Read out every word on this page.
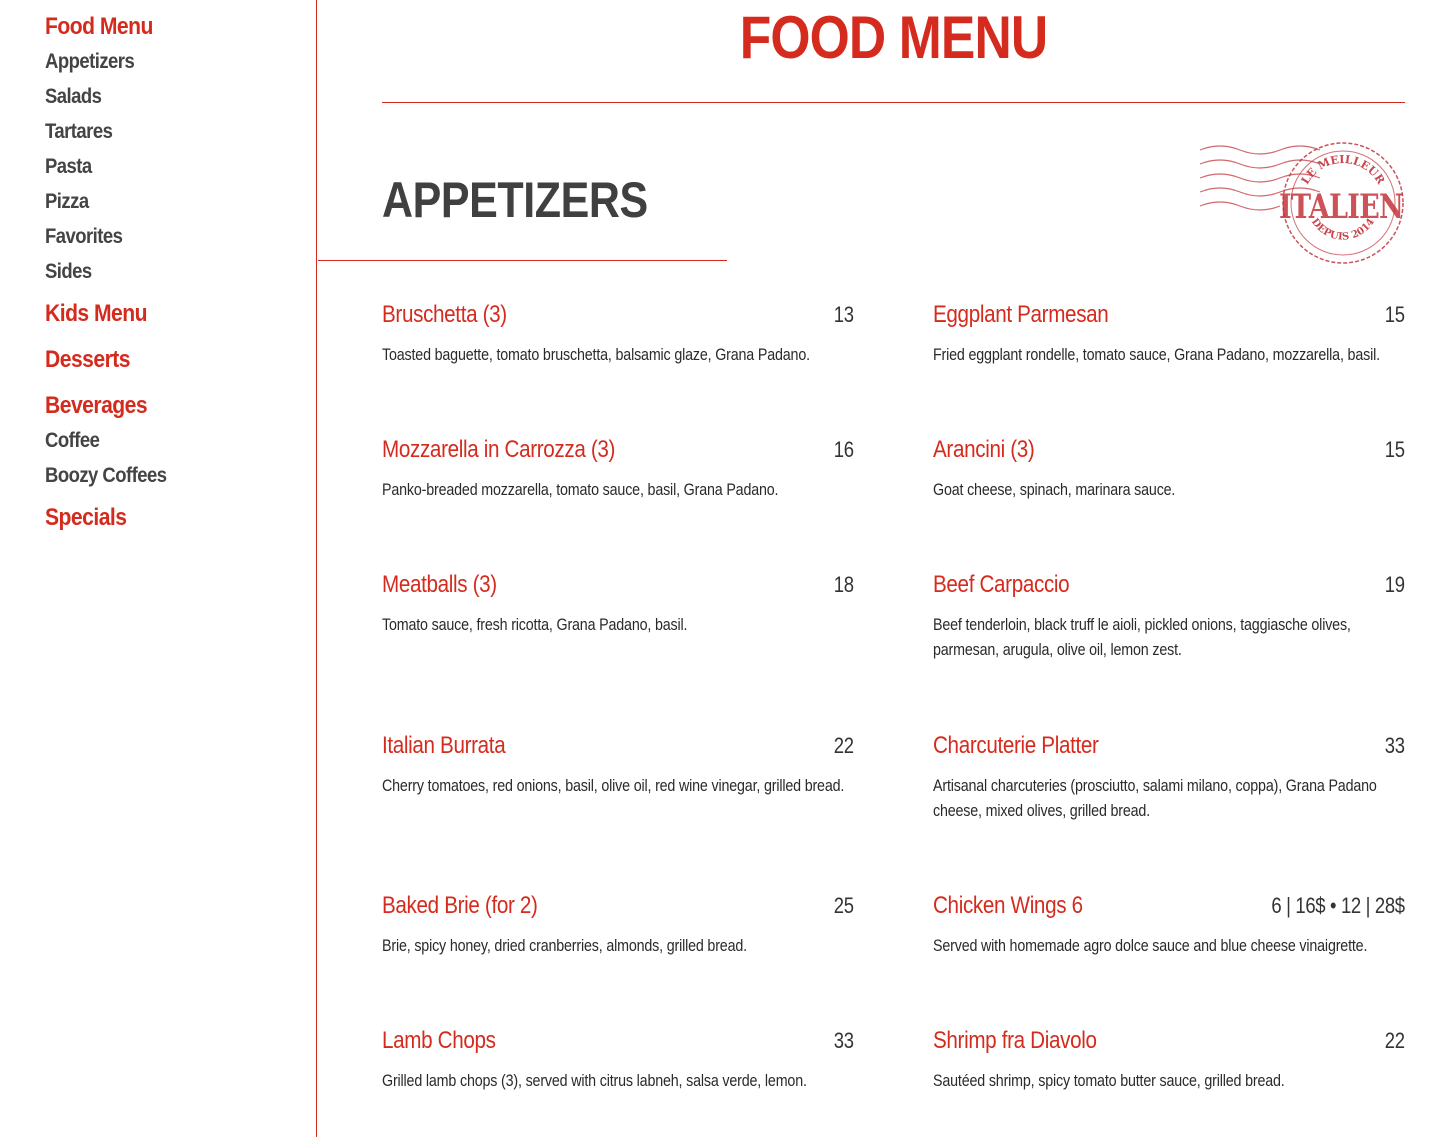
Food Menu
Appetizers
Salads
Tartares
Pasta
Pizza
Favorites
Sides
Kids Menu
Desserts
Beverages
Coffee
Boozy Coffees
Specials
FOOD MENU
APPETIZERS	LE MEILLEUR
ITALIEN
DEPUIS 2014
Bruschetta (3)	13
Toasted baguette, tomato bruschetta, balsamic glaze, Grana Padano.
Eggplant Parmesan	15
Fried eggplant rondelle, tomato sauce, Grana Padano, mozzarella, basil.
Mozzarella in Carrozza (3)	16
Panko-breaded mozzarella, tomato sauce, basil, Grana Padano.
Arancini (3)	15
Goat cheese, spinach, marinara sauce.
Meatballs (3)	18
Tomato sauce, fresh ricotta, Grana Padano, basil.
Beef Carpaccio	19
Beef tenderloin, black truff le aioli, pickled onions, taggiasche olives, parmesan, arugula, olive oil, lemon zest.
Italian Burrata	22
Cherry tomatoes, red onions, basil, olive oil, red wine vinegar, grilled bread.
Charcuterie Platter	33
Artisanal charcuteries (prosciutto, salami milano, coppa), Grana Padano cheese, mixed olives, grilled bread.
Baked Brie (for 2)	25
Brie, spicy honey, dried cranberries, almonds, grilled bread.
Chicken Wings 6	6 | 16$ • 12 | 28$
Served with homemade agro dolce sauce and blue cheese vinaigrette.
Lamb Chops	33
Grilled lamb chops (3), served with citrus labneh, salsa verde, lemon.
Shrimp fra Diavolo	22
Sautéed shrimp, spicy tomato butter sauce, grilled bread.
